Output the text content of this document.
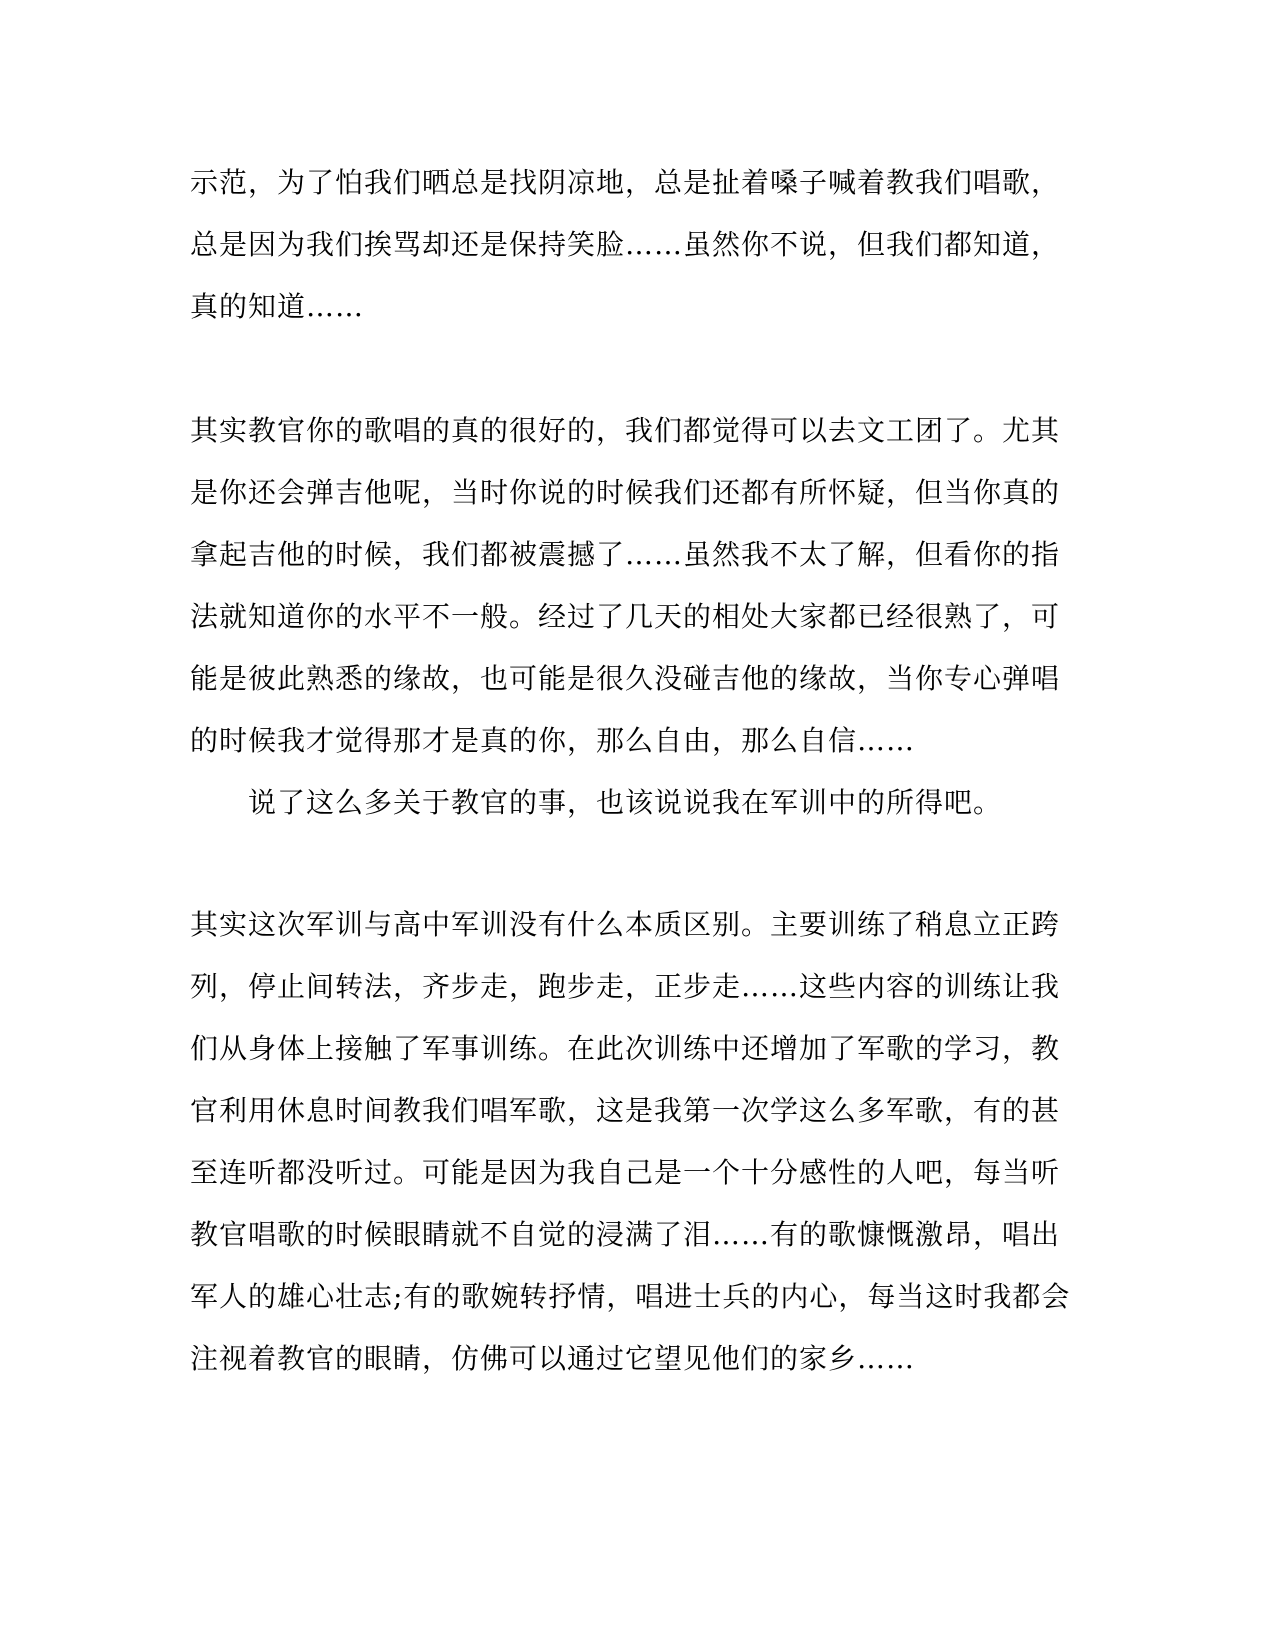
示范，为了怕我们晒总是找阴凉地，总是扯着嗓子喊着教我们唱歌，
总是因为我们挨骂却还是保持笑脸……虽然你不说，但我们都知道，
真的知道……
其实教官你的歌唱的真的很好的，我们都觉得可以去文工团了。尤其
是你还会弹吉他呢，当时你说的时候我们还都有所怀疑，但当你真的
拿起吉他的时候，我们都被震撼了……虽然我不太了解，但看你的指
法就知道你的水平不一般。经过了几天的相处大家都已经很熟了，可
能是彼此熟悉的缘故，也可能是很久没碰吉他的缘故，当你专心弹唱
的时候我才觉得那才是真的你，那么自由，那么自信……
说了这么多关于教官的事，也该说说我在军训中的所得吧。
其实这次军训与高中军训没有什么本质区别。主要训练了稍息立正跨
列，停止间转法，齐步走，跑步走，正步走……这些内容的训练让我
们从身体上接触了军事训练。在此次训练中还增加了军歌的学习，教
官利用休息时间教我们唱军歌，这是我第一次学这么多军歌，有的甚
至连听都没听过。可能是因为我自己是一个十分感性的人吧，每当听
教官唱歌的时候眼睛就不自觉的浸满了泪……有的歌慷慨激昂，唱出
军人的雄心壮志;有的歌婉转抒情，唱进士兵的内心，每当这时我都会
注视着教官的眼睛，仿佛可以通过它望见他们的家乡……
